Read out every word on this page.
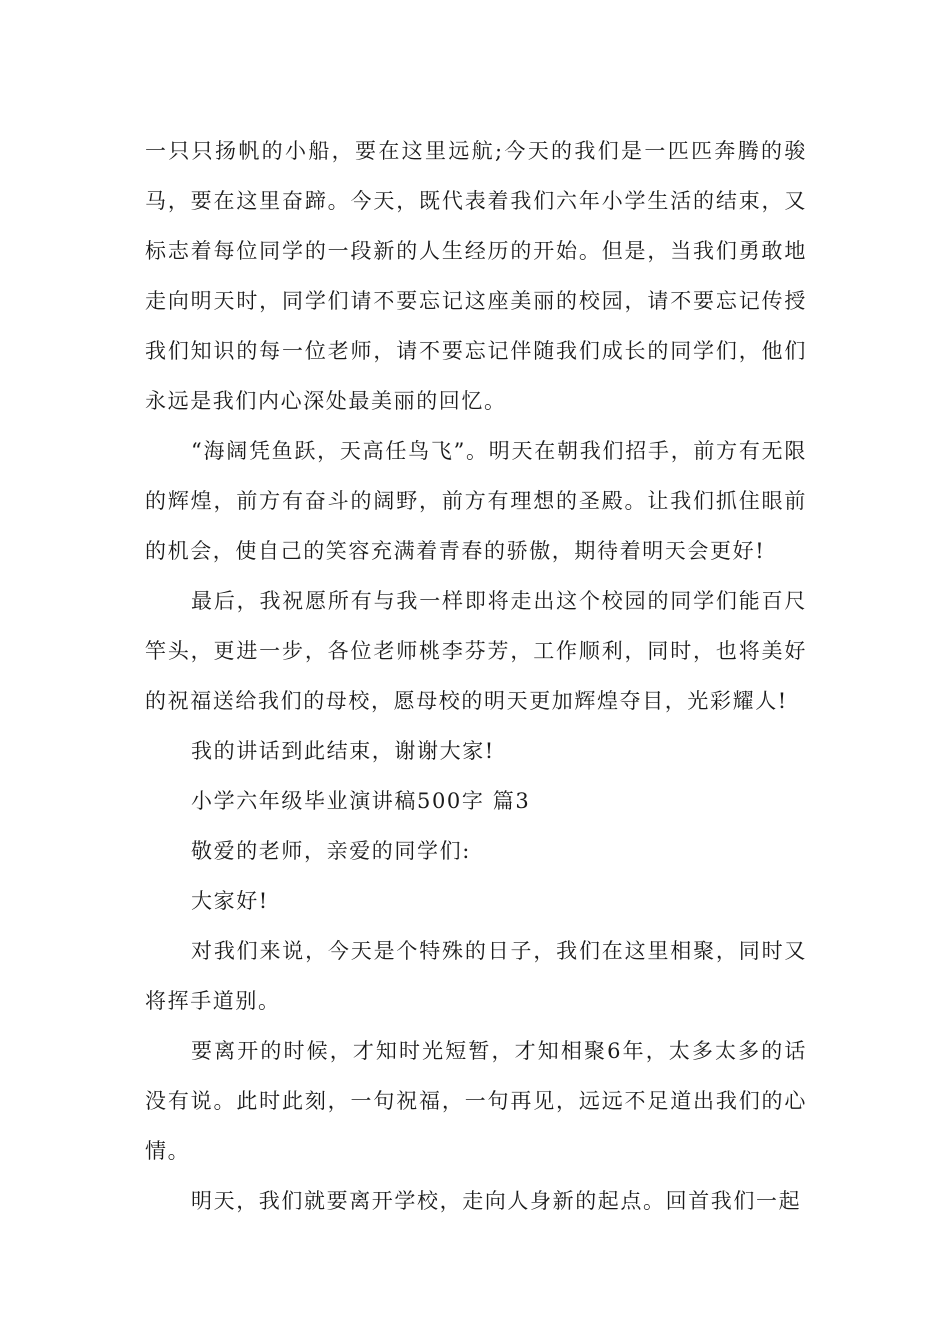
一只只扬帆的小船，要在这里远航;今天的我们是一匹匹奔腾的骏马，要在这里奋蹄。今天，既代表着我们六年小学生活的结束，又标志着每位同学的一段新的人生经历的开始。但是，当我们勇敢地走向明天时，同学们请不要忘记这座美丽的校园，请不要忘记传授我们知识的每一位老师，请不要忘记伴随我们成长的同学们，他们永远是我们内心深处最美丽的回忆。

“海阔凭鱼跃，天高任鸟飞”。明天在朝我们招手，前方有无限的辉煌，前方有奋斗的阔野，前方有理想的圣殿。让我们抓住眼前的机会，使自己的笑容充满着青春的骄傲，期待着明天会更好!

最后，我祝愿所有与我一样即将走出这个校园的同学们能百尺竿头，更进一步，各位老师桃李芬芳，工作顺利，同时，也将美好的祝福送给我们的母校，愿母校的明天更加辉煌夺目，光彩耀人!

我的讲话到此结束，谢谢大家!

小学六年级毕业演讲稿500字 篇3

敬爱的老师，亲爱的同学们:

大家好!

对我们来说，今天是个特殊的日子，我们在这里相聚，同时又将挥手道别。

要离开的时候，才知时光短暂，才知相聚6年，太多太多的话没有说。此时此刻，一句祝福，一句再见，远远不足道出我们的心情。

明天，我们就要离开学校，走向人身新的起点。回首我们一起
